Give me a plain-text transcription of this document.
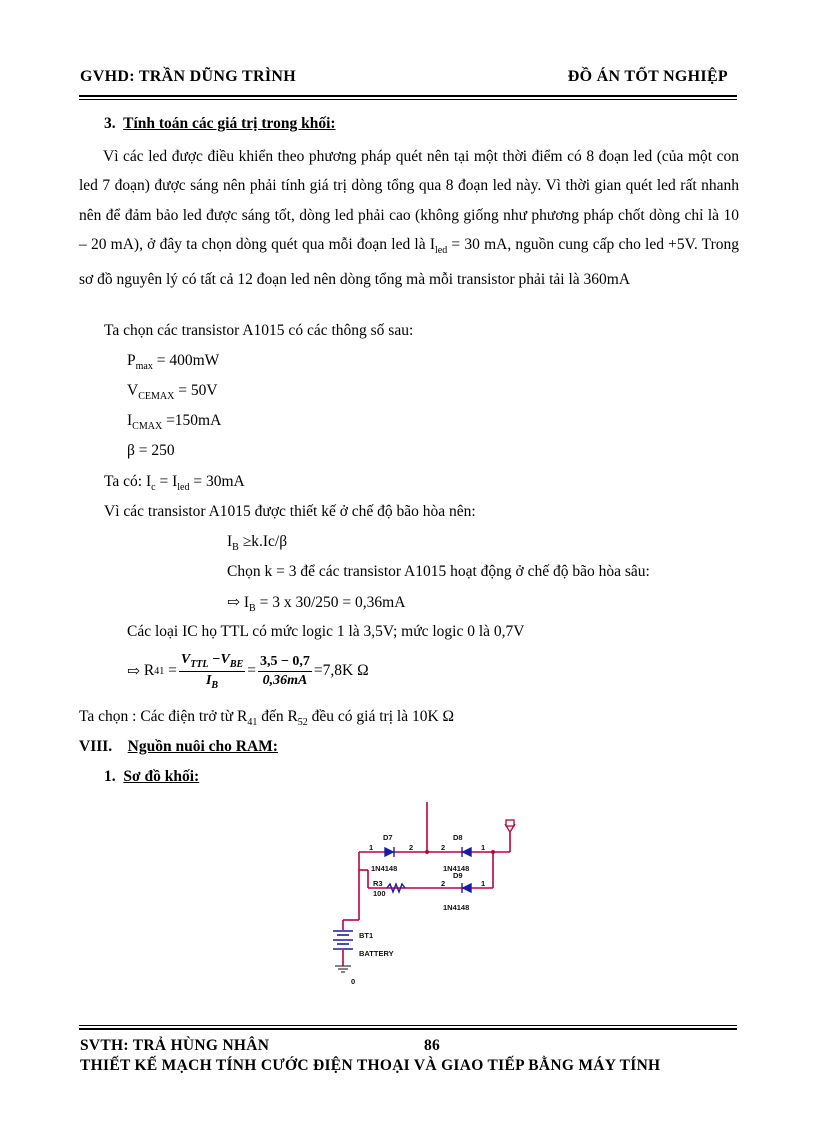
GVHD: TRẦN DŨNG TRÌNH	ĐỒ ÁN TỐT NGHIỆP
3. Tính toán các giá trị trong khối:
Vì các led được điều khiển theo phương pháp quét nên tại một thời điểm có 8 đoạn led (của một con led 7 đoạn) được sáng nên phải tính giá trị dòng tổng qua 8 đoạn led này. Vì thời gian quét led rất nhanh nên để đảm bảo led được sáng tốt, dòng led phải cao (không giống như phương pháp chốt dòng chỉ là 10 – 20 mA), ở đây ta chọn dòng quét qua mỗi đoạn led là $I_{led} = 30$ mA, nguồn cung cấp cho led +5V. Trong sơ đồ nguyên lý có tất cả 12 đoạn led nên dòng tổng mà mỗi transistor phải tải là 360mA
Ta chọn các transistor A1015 có các thông số sau:
$P_{max} = 400mW$
$V_{CEMAX} = 50V$
$I_{CMAX} =150mA$
β = 250
Ta có: $I_c = I_{led} = 30mA$
Vì các transistor A1015 được thiết kế ở chế độ bão hòa nên:
$I_B \ge k.Ic/\beta$
Chọn k = 3 để các transistor A1015 hoạt động ở chế độ bão hòa sâu:
⇨ $I_B = 3$ x 30/250 = 0,36mA
Các loại IC họ TTL có mức logic 1 là 3,5V; mức logic 0 là 0,7V
⇨
R 41
= $\frac{V_{TTL} -V_{BE}}{I_B} = \frac{3,5 - 0,7}{0,36mA} = 7,8K$ Ω
Ta chọn : Các điện trở từ $R_{41}$ đến $R_{52}$ đều có giá trị là 10K Ω
VIII. Nguồn nuôi cho RAM:
1. Sơ đồ khối:
D7	D8
1	2	2	1
1N4148	1N4148
D9
R3	2	1
100
1N4148
BT1
BATTERY
0
SVTH: TRẢ HÙNG NHÂN	86
THIẾT KẾ MẠCH TÍNH CƯỚC ĐIỆN THOẠI VÀ GIAO TIẾP BẰNG MÁY TÍNH
